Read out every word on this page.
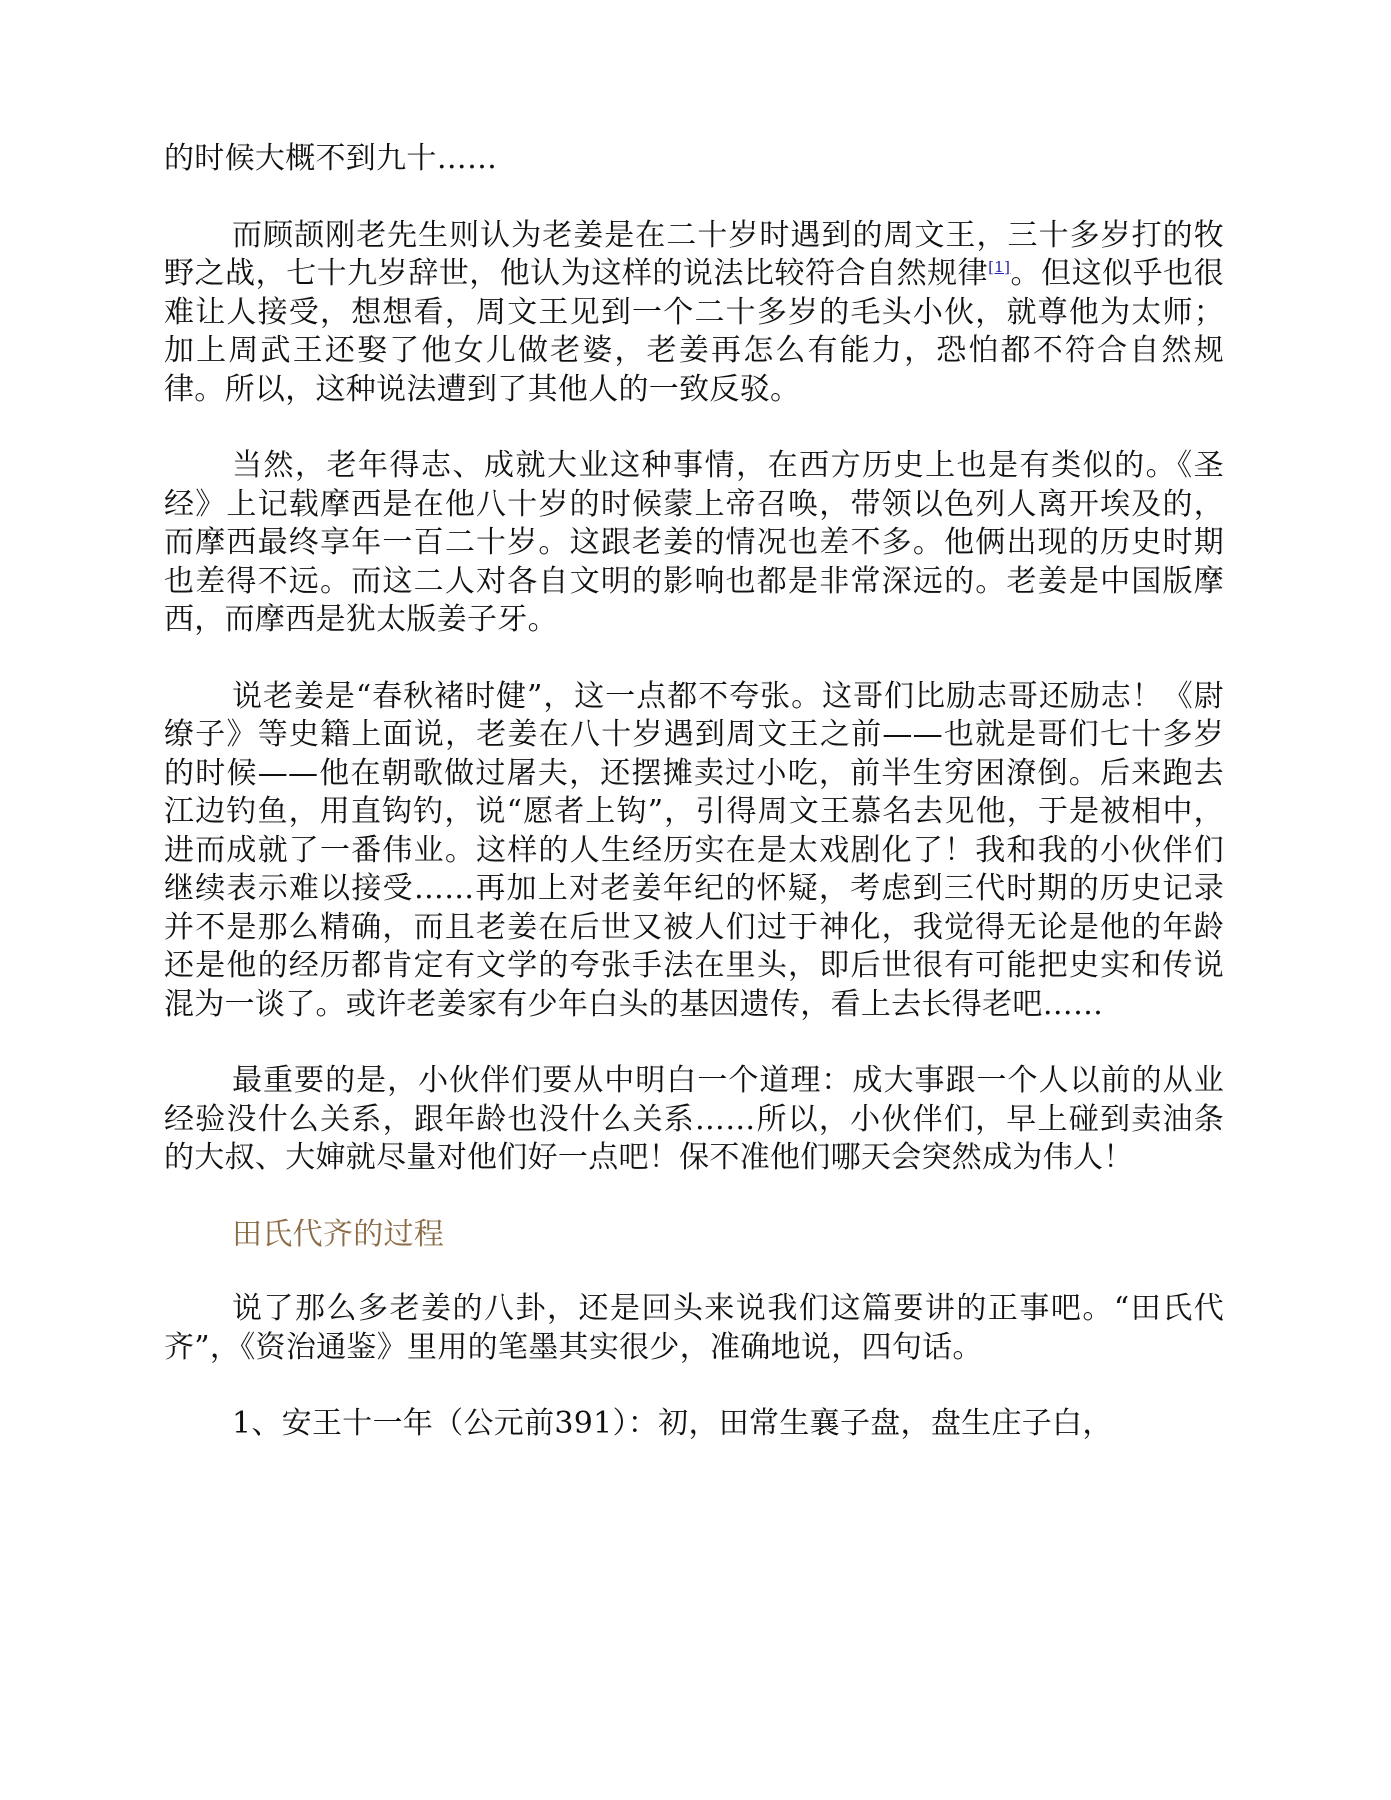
的时候大概不到九十……

而顾颉刚老先生则认为老姜是在二十岁时遇到的周文王，三十多岁打的牧野之战，七十九岁辞世，他认为这样的说法比较符合自然规律[1]。但这似乎也很难让人接受，想想看，周文王见到一个二十多岁的毛头小伙，就尊他为太师；加上周武王还娶了他女儿做老婆，老姜再怎么有能力，恐怕都不符合自然规律。所以，这种说法遭到了其他人的一致反驳。

当然，老年得志、成就大业这种事情，在西方历史上也是有类似的。《圣经》上记载摩西是在他八十岁的时候蒙上帝召唤，带领以色列人离开埃及的，而摩西最终享年一百二十岁。这跟老姜的情况也差不多。他俩出现的历史时期也差得不远。而这二人对各自文明的影响也都是非常深远的。老姜是中国版摩西，而摩西是犹太版姜子牙。

说老姜是“春秋褚时健”，这一点都不夸张。这哥们比励志哥还励志！《尉缭子》等史籍上面说，老姜在八十岁遇到周文王之前——也就是哥们七十多岁的时候——他在朝歌做过屠夫，还摆摊卖过小吃，前半生穷困潦倒。后来跑去江边钓鱼，用直钩钓，说“愿者上钩”，引得周文王慕名去见他，于是被相中，进而成就了一番伟业。这样的人生经历实在是太戏剧化了！我和我的小伙伴们继续表示难以接受……再加上对老姜年纪的怀疑，考虑到三代时期的历史记录并不是那么精确，而且老姜在后世又被人们过于神化，我觉得无论是他的年龄还是他的经历都肯定有文学的夸张手法在里头，即后世很有可能把史实和传说混为一谈了。或许老姜家有少年白头的基因遗传，看上去长得老吧……

最重要的是，小伙伴们要从中明白一个道理：成大事跟一个人以前的从业经验没什么关系，跟年龄也没什么关系……所以，小伙伴们，早上碰到卖油条的大叔、大婶就尽量对他们好一点吧！保不准他们哪天会突然成为伟人！

田氏代齐的过程

说了那么多老姜的八卦，还是回头来说我们这篇要讲的正事吧。“田氏代齐”，《资治通鉴》里用的笔墨其实很少，准确地说，四句话。

1、安王十一年（公元前391）：初，田常生襄子盘，盘生庄子白，
